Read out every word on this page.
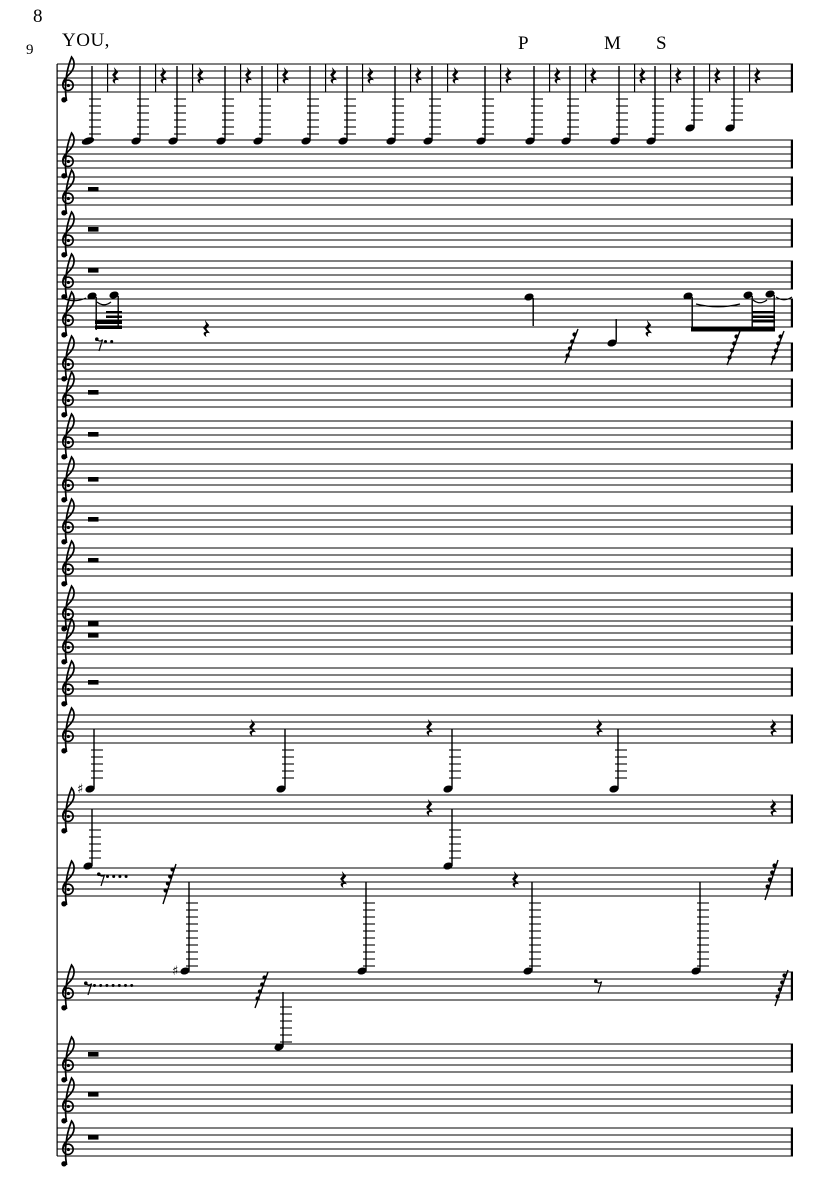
8
9 YOU,	P	M S
♯
♯
